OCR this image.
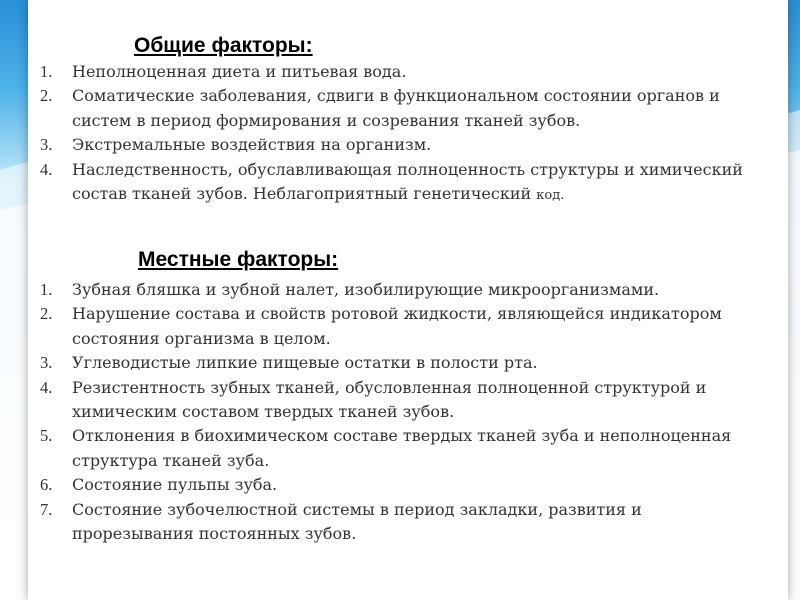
Общие факторы:
1. Неполноценная диета и питьевая вода.
2. Соматические заболевания, сдвиги в функциональном состоянии органов и систем в период формирования и созревания тканей зубов.
3. Экстремальные воздействия на организм.
4. Наследственность, обуславливающая полноценность структуры и химический состав тканей зубов. Неблагоприятный генетический код.
Местные факторы:
1. Зубная бляшка и зубной налет, изобилирующие микроорганизмами.
2. Нарушение состава и свойств ротовой жидкости, являющейся индикатором состояния организма в целом.
3. Углеводистые липкие пищевые остатки в полости рта.
4. Резистентность зубных тканей, обусловленная полноценной структурой и химическим составом твердых тканей зубов.
5. Отклонения в биохимическом составе твердых тканей зуба и неполноценная структура тканей зуба.
6. Состояние пульпы зуба.
7. Состояние зубочелюстной системы в период закладки, развития и прорезывания постоянных зубов.
